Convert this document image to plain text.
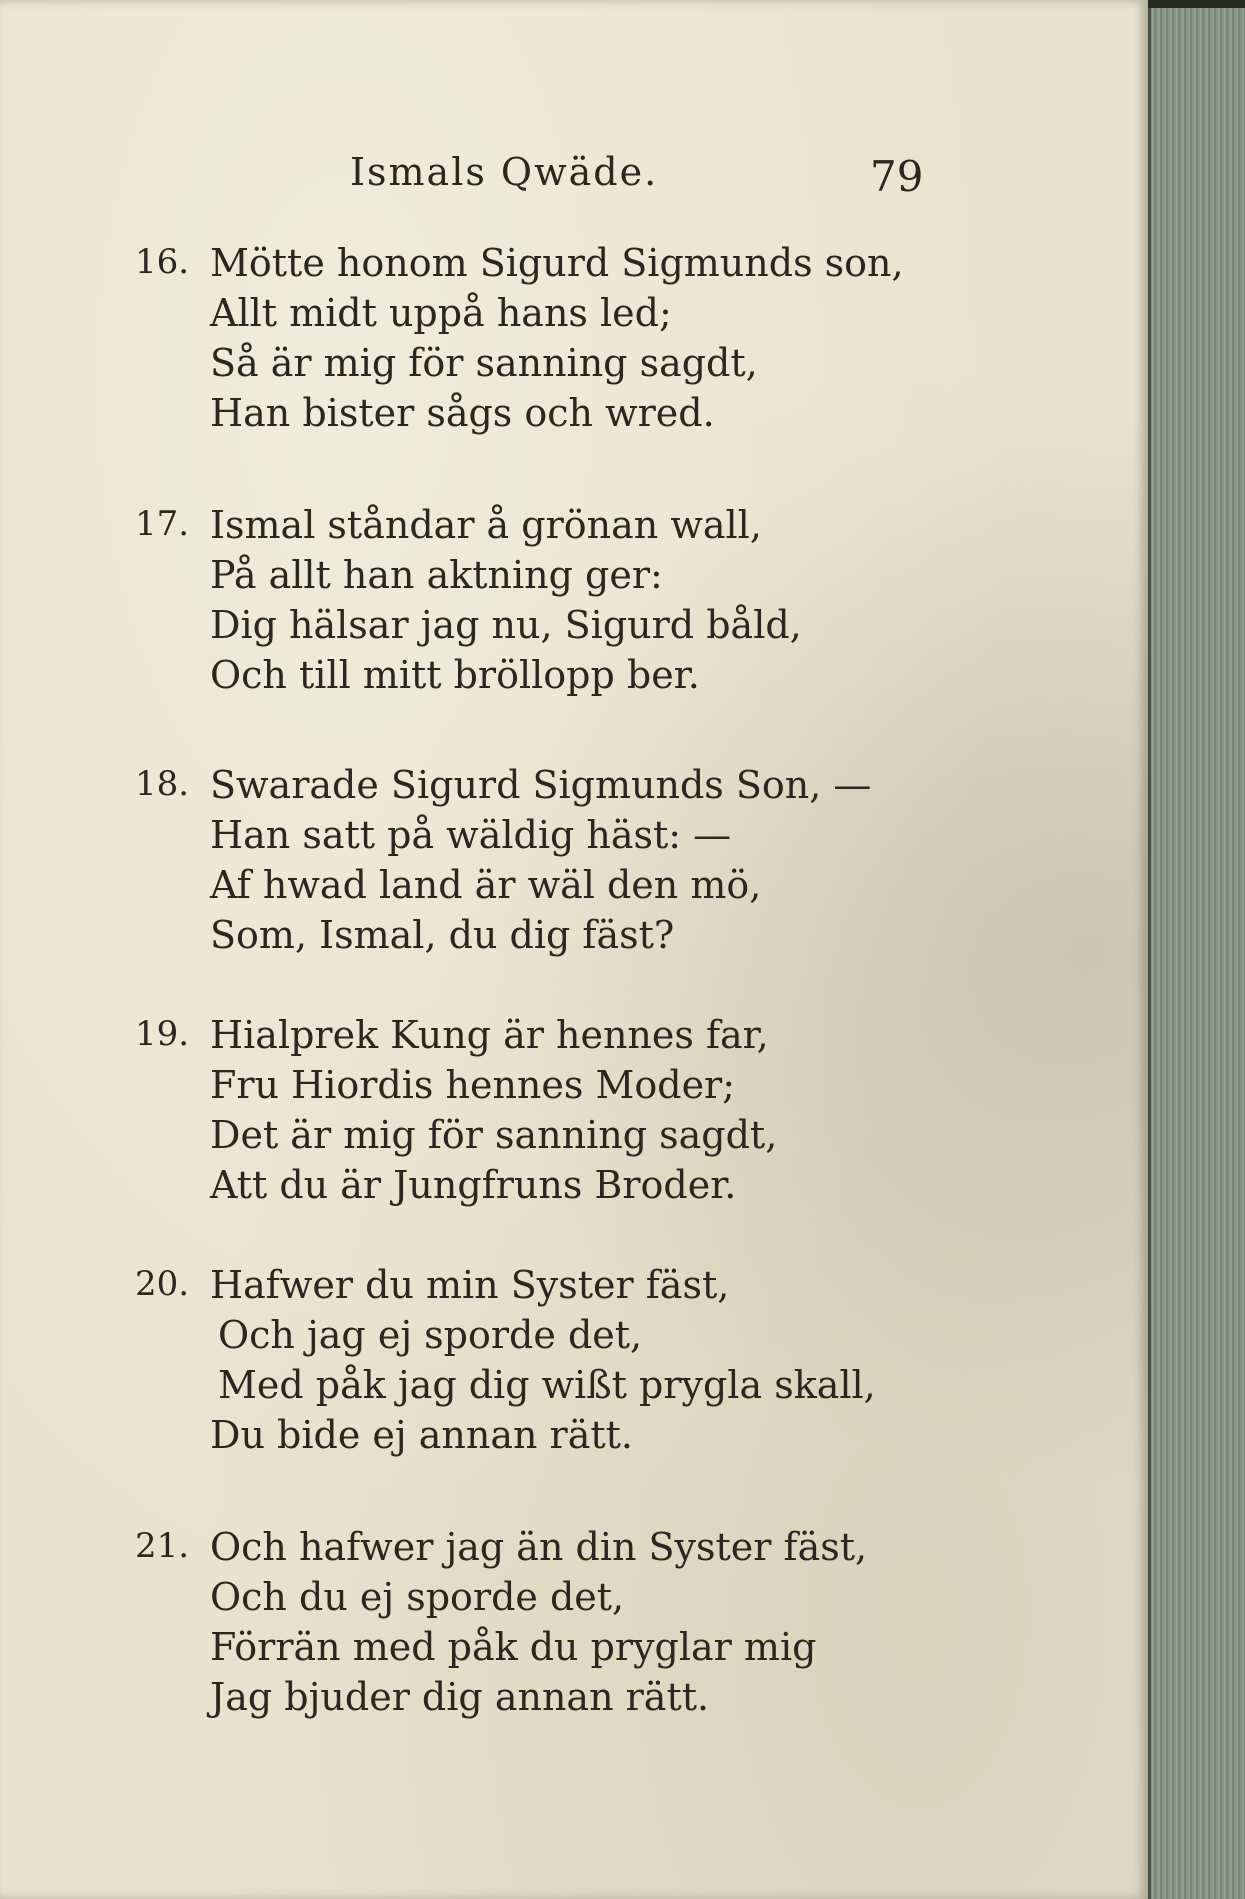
Ismals Qwäde.	79
16. Mötte honom Sigurd Sigmunds son,
Allt midt uppå hans led;
Så är mig för sanning sagdt,
Han bister sågs och wred.
17. Ismal ståndar å grönan wall,
På allt han aktning ger:
Dig hälsar jag nu, Sigurd båld,
Och till mitt bröllopp ber.
18. Swarade Sigurd Sigmunds Son, —
Han satt på wäldig häst: —
Af hwad land är wäl den mö,
Som, Ismal, du dig fäst?
19. Hialprek Kung är hennes far,
Fru Hiordis hennes Moder;
Det är mig för sanning sagdt,
Att du är Jungfruns Broder.
20. Hafwer du min Syster fäst,
Och jag ej sporde det,
Med påk jag dig wißt prygla skall,
Du bide ej annan rätt.
21. Och hafwer jag än din Syster fäst,
Och du ej sporde det,
Förrän med påk du pryglar mig
Jag bjuder dig annan rätt.
